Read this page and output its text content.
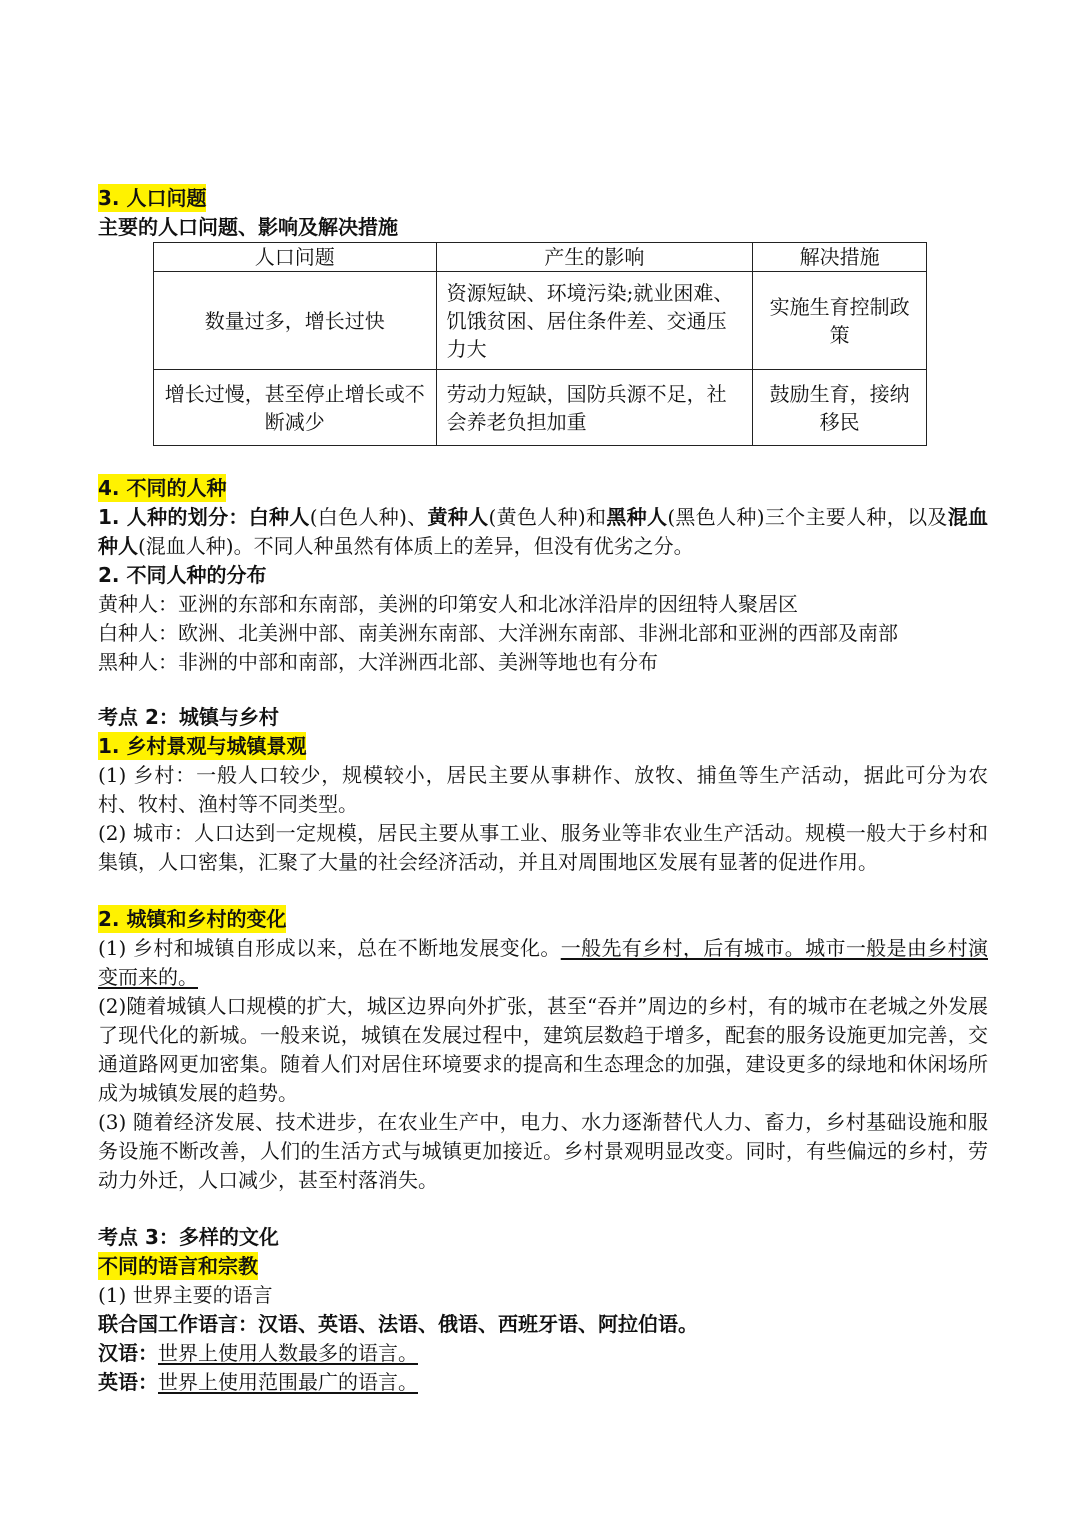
3. 人口问题

主要的人口问题、影响及解决措施

人口问题	产生的影响	解决措施
数量过多，增长过快	资源短缺、环境污染;就业困难、饥饿贫困、居住条件差、交通压力大	实施生育控制政策
增长过慢，甚至停止增长或不断减少	劳动力短缺，国防兵源不足，社会养老负担加重	鼓励生育，接纳移民
4. 不同的人种

1. 人种的划分：白种人(白色人种)、黄种人(黄色人种)和黑种人(黑色人种)三个主要人种，以及混血种人(混血人种)。不同人种虽然有体质上的差异，但没有优劣之分。

2. 不同人种的分布

黄种人：亚洲的东部和东南部，美洲的印第安人和北冰洋沿岸的因纽特人聚居区

白种人：欧洲、北美洲中部、南美洲东南部、大洋洲东南部、非洲北部和亚洲的西部及南部

黑种人：非洲的中部和南部，大洋洲西北部、美洲等地也有分布

考点 2：城镇与乡村

1. 乡村景观与城镇景观

(1) 乡村：一般人口较少，规模较小，居民主要从事耕作、放牧、捕鱼等生产活动，据此可分为农村、牧村、渔村等不同类型。

(2) 城市：人口达到一定规模，居民主要从事工业、服务业等非农业生产活动。规模一般大于乡村和集镇，人口密集，汇聚了大量的社会经济活动，并且对周围地区发展有显著的促进作用。

2. 城镇和乡村的变化

(1) 乡村和城镇自形成以来，总在不断地发展变化。一般先有乡村，后有城市。城市一般是由乡村演变而来的。

(2)随着城镇人口规模的扩大，城区边界向外扩张，甚至“吞并”周边的乡村，有的城市在老城之外发展了现代化的新城。一般来说，城镇在发展过程中，建筑层数趋于增多，配套的服务设施更加完善，交通道路网更加密集。随着人们对居住环境要求的提高和生态理念的加强，建设更多的绿地和休闲场所成为城镇发展的趋势。

(3) 随着经济发展、技术进步，在农业生产中，电力、水力逐渐替代人力、畜力，乡村基础设施和服务设施不断改善，人们的生活方式与城镇更加接近。乡村景观明显改变。同时，有些偏远的乡村，劳动力外迁，人口减少，甚至村落消失。

考点 3：多样的文化

不同的语言和宗教

(1) 世界主要的语言

联合国工作语言：汉语、英语、法语、俄语、西班牙语、阿拉伯语。

汉语：世界上使用人数最多的语言。

英语：世界上使用范围最广的语言。
